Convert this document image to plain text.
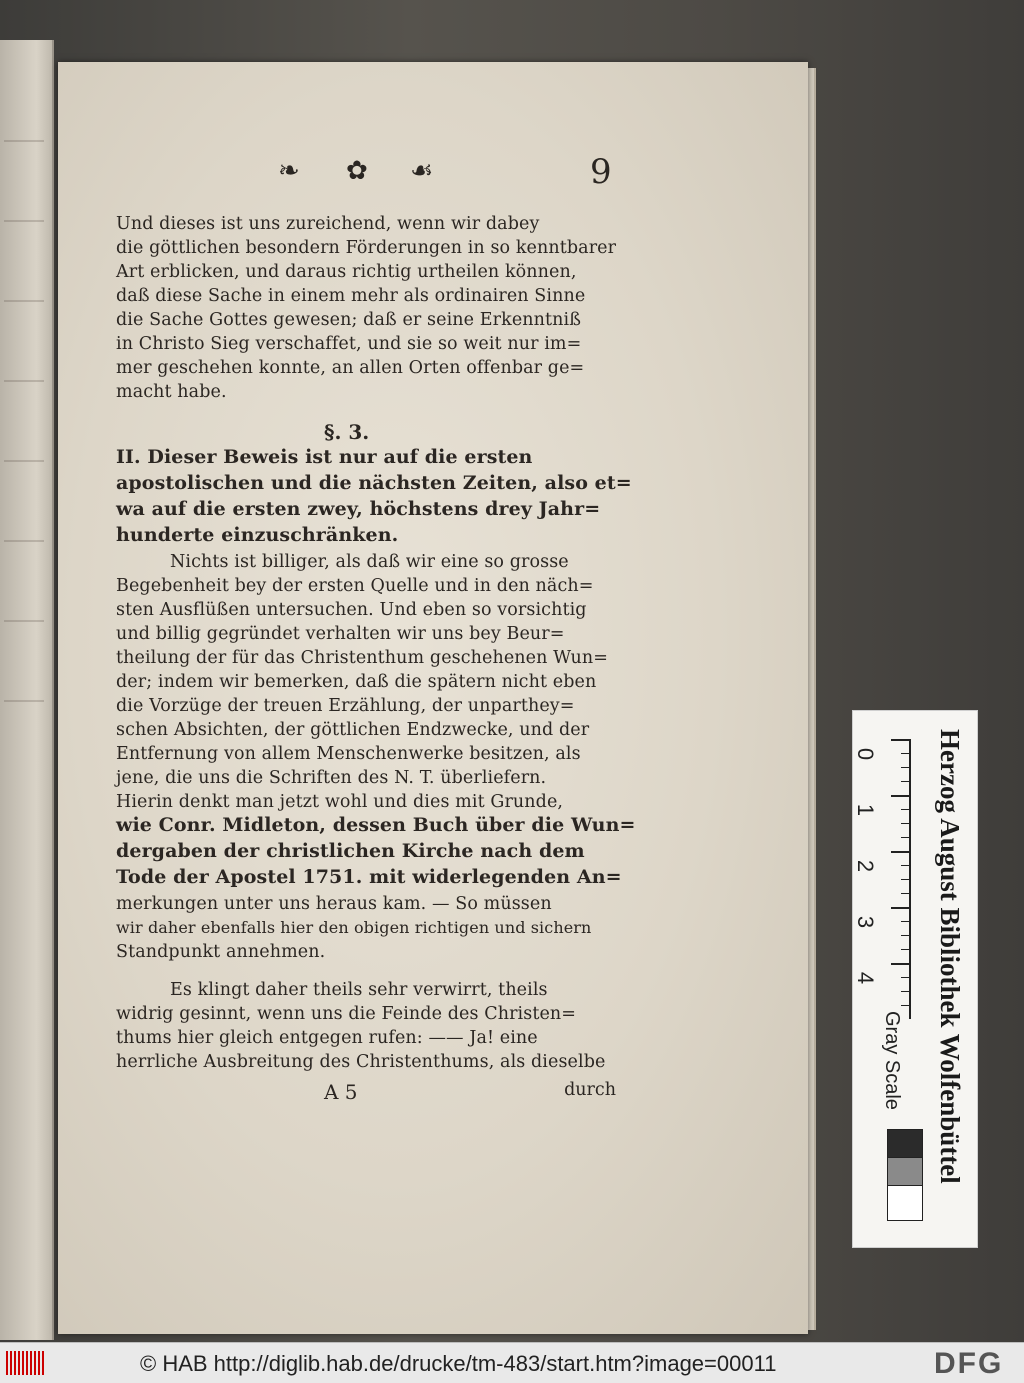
❧ ✿ ☙	9
Und dieses ist uns zureichend, wenn wir dabey
die göttlichen besondern Förderungen in so kenntbarer
Art erblicken, und daraus richtig urtheilen können,
daß diese Sache in einem mehr als ordinairen Sinne
die Sache Gottes gewesen; daß er seine Erkenntniß
in Christo Sieg verschaffet, und sie so weit nur im=
mer geschehen konnte, an allen Orten offenbar ge=
macht habe.
§. 3.
II. Dieser Beweis ist nur auf die ersten
apostolischen und die nächsten Zeiten, also et=
wa auf die ersten zwey, höchstens drey Jahr=
hunderte einzuschränken.
Nichts ist billiger, als daß wir eine so grosse
Begebenheit bey der ersten Quelle und in den näch=
sten Ausflüßen untersuchen. Und eben so vorsichtig
und billig gegründet verhalten wir uns bey Beur=
theilung der für das Christenthum geschehenen Wun=
der; indem wir bemerken, daß die spätern nicht eben
die Vorzüge der treuen Erzählung, der unparthey=
schen Absichten, der göttlichen Endzwecke, und der
Entfernung von allem Menschenwerke besitzen, als
jene, die uns die Schriften des N. T. überliefern.
Hierin denkt man jetzt wohl und dies mit Grunde,
wie Conr. Midleton, dessen Buch über die Wun=
dergaben der christlichen Kirche nach dem
Tode der Apostel 1751. mit widerlegenden An=
merkungen unter uns heraus kam. — So müssen
wir daher ebenfalls hier den obigen richtigen und sichern
Standpunkt annehmen.
Es klingt daher theils sehr verwirrt, theils
widrig gesinnt, wenn uns die Feinde des Christen=
thums hier gleich entgegen rufen: —— Ja! eine
herrliche Ausbreitung des Christenthums, als dieselbe
A 5	durch
0
1
2
3
4	Herzog August Bibliothek Wolfenbüttel
Gray Scale
© HAB http://diglib.hab.de/drucke/tm-483/start.htm?image=00011	DFG
